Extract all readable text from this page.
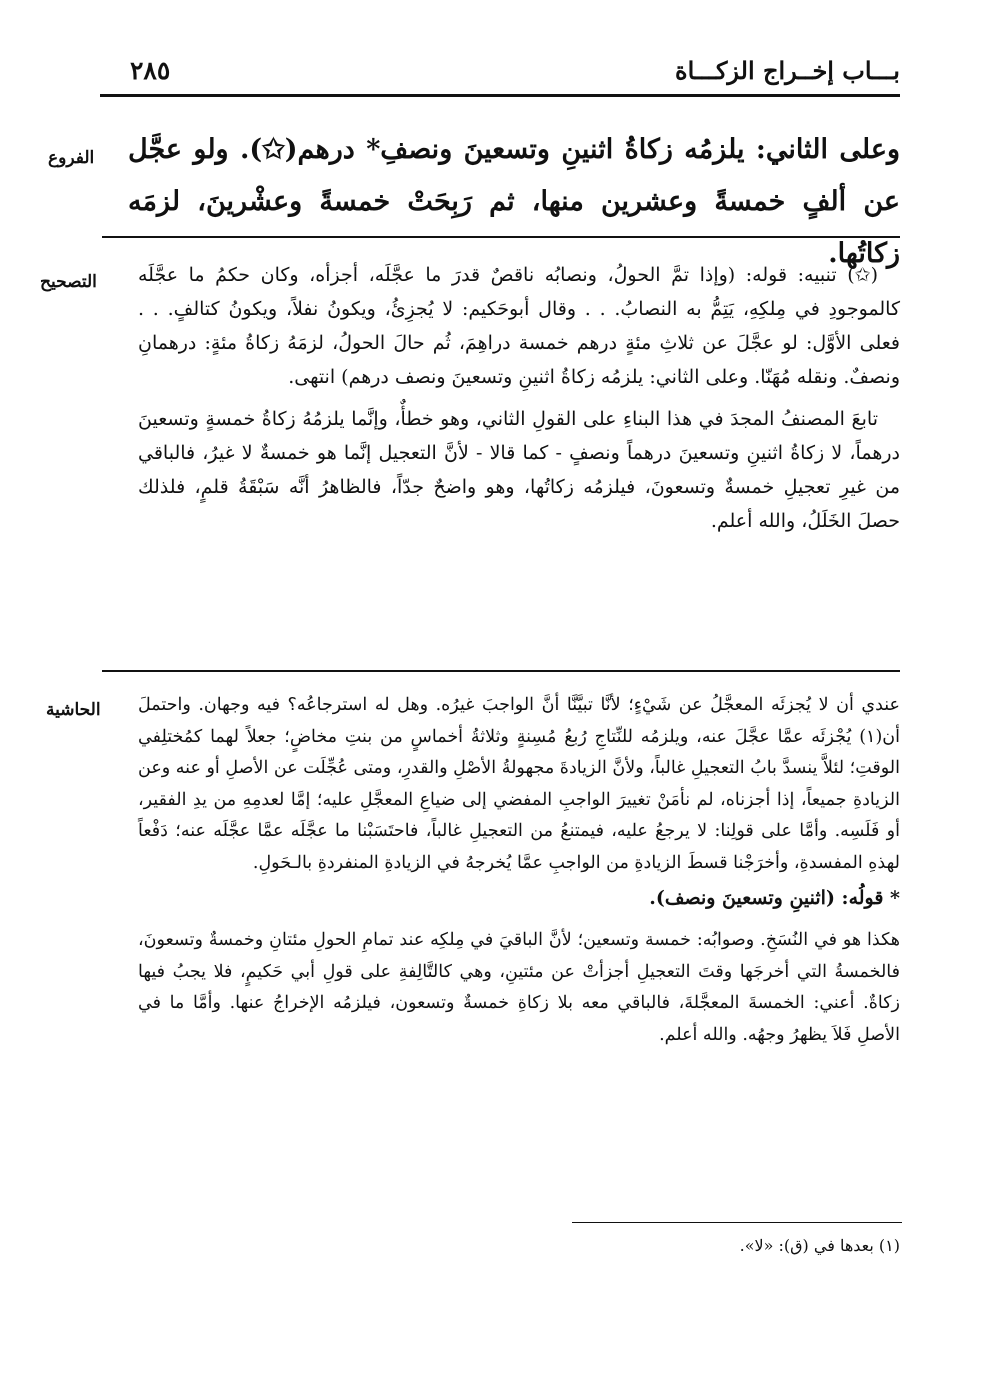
بـــاب إخــراج الزكـــاة
٢٨٥
الفروع
التصحيح
الحاشية

وعلى الثاني: يلزمُه زكاةُ اثنينِ وتسعينَ ونصفِ* درهم(✩). ولو عجَّل عن ألفٍ خمسةً وعشرين منها، ثم رَبِحَتْ خمسةً وعشْرينَ، لزمَه زكاتُها.

(✩) تنبيه: قوله: (وإذا تمَّ الحولُ، ونصابُه ناقصٌ قدرَ ما عجَّلَه، أجزأه، وكان حكمُ ما عجَّلَه كالموجودِ في مِلكِهِ، يَتِمُّ به النصابُ. . . وقال أبوحَكيم: لا يُجزِئُ، ويكونُ نفلاً، ويكونُ كتالفٍ. . . فعلى الأوَّل: لو عجَّلَ عن ثلاثِ مئةٍ درهم خمسة دراهِمَ، ثُم حالَ الحولُ، لزمَهُ زكاةُ مئةٍ: درهمانِ ونصفٌ. ونقله مُهَنّا. وعلى الثاني: يلزمُه زكاةُ اثنينِ وتسعينَ ونصف درهم) انتهى.

تابعَ المصنفُ المجدَ في هذا البناءِ على القولِ الثاني، وهو خطأٌ، وإنَّما يلزمُهُ زكاةُ خمسةٍ وتسعينَ درهماً، لا زكاةُ اثنينِ وتسعينَ درهماً ونصفٍ - كما قالا - لأنَّ التعجيل إنَّما هو خمسةٌ لا غيرُ، فالباقي من غيرِ تعجيلِ خمسةٌ وتسعونَ، فيلزمُه زكاتُها، وهو واضحٌ جدّاً، فالظاهرُ أنَّه سَبْقَةُ قلمٍ، فلذلك حصلَ الخَلَلُ، والله أعلم.

عندي أن لا يُجزئَه المعجَّلُ عن شَيْءٍ؛ لأنَّا تبيَّنَّا أنَّ الواجبَ غيرُه. وهل له استرجاعُه؟ فيه وجهان. واحتملَ أن(١) يُجْزئَه عمَّا عجَّلَ عنه، ويلزمُه للنِّتاجِ رُبعُ مُسِنةٍ وثلاثةُ أخماسٍ من بنتِ مخاضٍ؛ جعلاً لهما كمُختلِفي الوقتِ؛ لئلاَّ ينسدَّ بابُ التعجيلِ غالباً، ولأنَّ الزيادةَ مجهولةُ الأصْلِ والقدرِ، ومتى عُجِّلَت عن الأصلِ أو عنه وعن الزيادةِ جميعاً، إذا أجزناه، لم نأمَنْ تغييرَ الواجبِ المفضي إلى ضياعِ المعجَّلِ عليه؛ إمَّا لعدمِهِ من يدِ الفقير، أو فَلَسِه. وأمَّا على قولِنا: لا يرجعُ عليه، فيمتنعُ من التعجيلِ غالباً، فاحتَسَبْنا ما عجَّلَه عمَّا عجَّلَه عنه؛ دَفْعاً لهذهِ المفسدةِ، وأخرَجْنا قسطَ الزيادةِ من الواجبِ عمَّا يُخرجهُ في الزيادةِ المنفردةِ بالـحَولِ.

* قولُه: (اثنينِ وتسعينَ ونصف).

هكذا هو في النُسَخِ. وصوابُه: خمسة وتسعين؛ لأنَّ الباقيَ في مِلكِه عند تمامِ الحولِ مئتانِ وخمسةٌ وتسعونَ، فالخمسةُ التي أخرجَها وقتَ التعجيلِ أجزأتْ عن مئتينِ، وهي كالتَّالِفةِ على قولِ أبي حَكيمٍ، فلا يجبُ فيها زكاةٌ. أعني: الخمسةَ المعجَّلةَ، فالباقي معه بلا زكاةِ خمسةٌ وتسعون، فيلزمُه الإخراجُ عنها. وأمَّا ما في الأصلِ فَلاَ يظهرُ وجهُه. والله أعلم.

(١) بعدها في (ق): «لا».
